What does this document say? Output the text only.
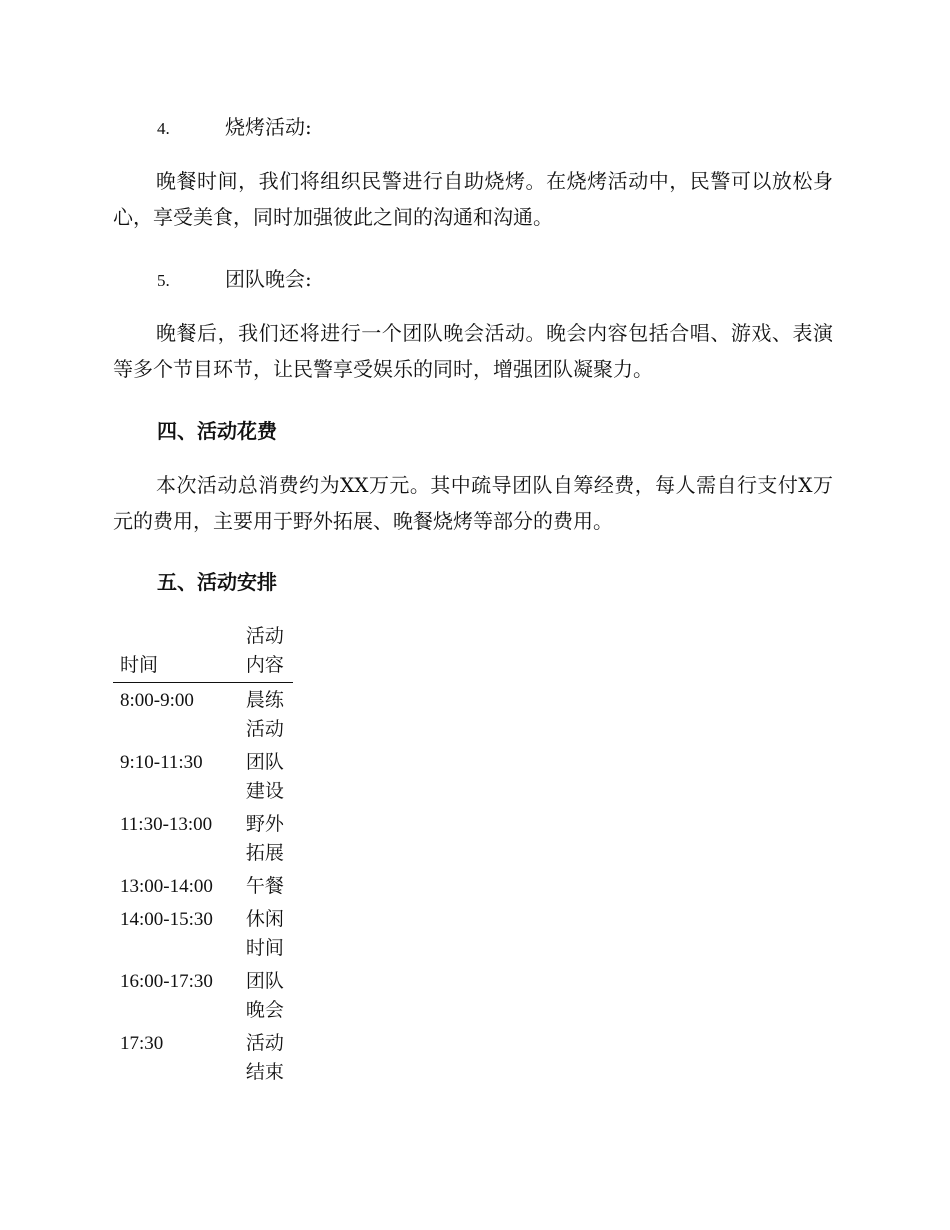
4.	烧烤活动:

晚餐时间，我们将组织民警进行自助烧烤。在烧烤活动中，民警可以放松身心，享受美食，同时加强彼此之间的沟通和沟通。

5.	团队晚会:

晚餐后，我们还将进行一个团队晚会活动。晚会内容包括合唱、游戏、表演等多个节目环节，让民警享受娱乐的同时，增强团队凝聚力。

四、活动花费

本次活动总消费约为XX万元。其中疏导团队自筹经费，每人需自行支付X万元的费用，主要用于野外拓展、晚餐烧烤等部分的费用。

五、活动安排
时间	活动内容
8:00-9:00	晨练活动
9:10-11:30	团队建设
11:30-13:00	野外拓展
13:00-14:00	午餐
14:00-15:30	休闲时间
16:00-17:30	团队晚会
17:30	活动结束
